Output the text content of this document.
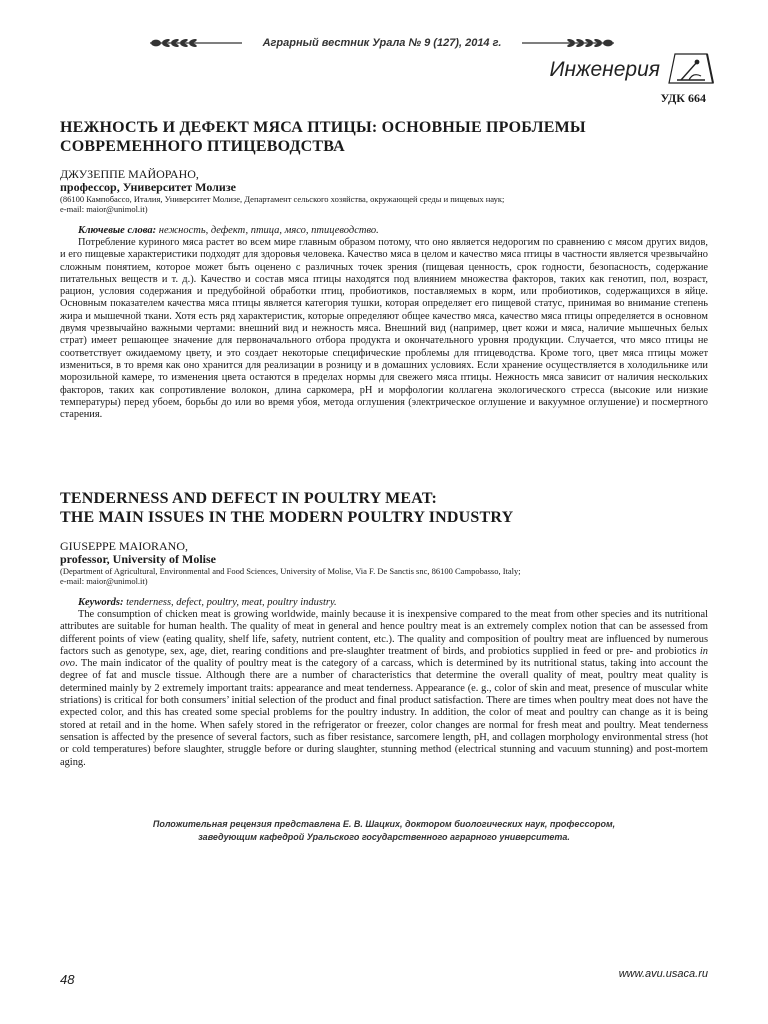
Аграрный вестник Урала № 9 (127), 2014 г.
Инженерия
УДК 664

НЕЖНОСТЬ И ДЕФЕКТ МЯСА ПТИЦЫ: ОСНОВНЫЕ ПРОБЛЕМЫ

СОВРЕМЕННОГО ПТИЦЕВОДСТВА

ДЖУЗЕППЕ МАЙОРАНО,

профессор, Университет Молизе

(86100 Кампобассо, Италия, Университет Молизе, Департамент сельского хозяйства, окружающей среды и пищевых наук;

e-mail: maior@unimol.it)

Ключевые слова: нежность, дефект, птица, мясо, птицеводство.

Потребление куриного мяса растет во всем мире главным образом потому, что оно является недорогим по сравнению с мясом других видов, и его пищевые характеристики подходят для здоровья человека. Качество мяса в целом и качество мяса птицы в частности является чрезвычайно сложным понятием, которое может быть оценено с различных точек зрения (пищевая ценность, срок годности, безопасность, содержание питательных веществ и т. д.). Качество и состав мяса птицы находятся под влиянием множества факторов, таких как генотип, пол, возраст, рацион, условия содержания и предубойной обработки птиц, пробиотиков, поставляемых в корм, или пробиотиков, содержащихся в яйце. Основным показателем качества мяса птицы является категория тушки, которая определяет его пищевой статус, принимая во внимание степень жира и мышечной ткани. Хотя есть ряд характеристик, которые определяют общее качество мяса, качество мяса птицы определяется в основном двумя чрезвычайно важными чертами: внешний вид и нежность мяса. Внешний вид (например, цвет кожи и мяса, наличие мышечных белых страт) имеет решающее значение для первоначального отбора продукта и окончательного уровня продукции. Случается, что мясо птицы не соответствует ожидаемому цвету, и это создает некоторые специфические проблемы для птицеводства. Кроме того, цвет мяса птицы может измениться, в то время как оно хранится для реализации в розницу и в домашних условиях. Если хранение осуществляется в холодильнике или морозильной камере, то изменения цвета остаются в пределах нормы для свежего мяса птицы. Нежность мяса зависит от наличия нескольких факторов, таких как сопротивление волокон, длина саркомера, pH и морфологии коллагена экологического стресса (высокие или низкие температуры) перед убоем, борьбы до или во время убоя, метода оглушения (электрическое оглушение и вакуумное оглушение) и посмертного старения.

TENDERNESS AND DEFECT IN POULTRY MEAT:

THE MAIN ISSUES IN THE MODERN POULTRY INDUSTRY

GIUSEPPE MAIORANO,

professor, University of Molise

(Department of Agricultural, Environmental and Food Sciences, University of Molise, Via F. De Sanctis snc, 86100 Campobasso, Italy;

e-mail: maior@unimol.it)

Keywords: tenderness, defect, poultry, meat, poultry industry.

The consumption of chicken meat is growing worldwide, mainly because it is inexpensive compared to the meat from other species and its nutritional attributes are suitable for human health. The quality of meat in general and hence poultry meat is an extremely complex notion that can be assessed from different points of view (eating quality, shelf life, safety, nutrient content, etc.). The quality and composition of poultry meat are influenced by numerous factors such as genotype, sex, age, diet, rearing conditions and pre-slaughter treatment of birds, and probiotics supplied in feed or pre- and probiotics in ovo. The main indicator of the quality of poultry meat is the category of a carcass, which is determined by its nutritional status, taking into account the degree of fat and muscle tissue. Although there are a number of characteristics that determine the overall quality of meat, poultry meat quality is determined mainly by 2 extremely important traits: appearance and meat tenderness. Appearance (e. g., color of skin and meat, presence of muscular white striations) is critical for both consumers’ initial selection of the product and final product satisfaction. There are times when poultry meat does not have the expected color, and this has created some special problems for the poultry industry. In addition, the color of meat and poultry can change as it is being stored at retail and in the home. When safely stored in the refrigerator or freezer, color changes are normal for fresh meat and poultry. Meat tenderness sensation is affected by the presence of several factors, such as fiber resistance, sarcomere length, pH, and collagen morphology environmental stress (hot or cold temperatures) before slaughter, struggle before or during slaughter, stunning method (electrical stunning and vacuum stunning) and post-mortem aging.

Положительная рецензия представлена Е. В. Шацких, доктором биологических наук, профессором,
заведующим кафедрой Уральского государственного аграрного университета.
48	www.avu.usaca.ru
